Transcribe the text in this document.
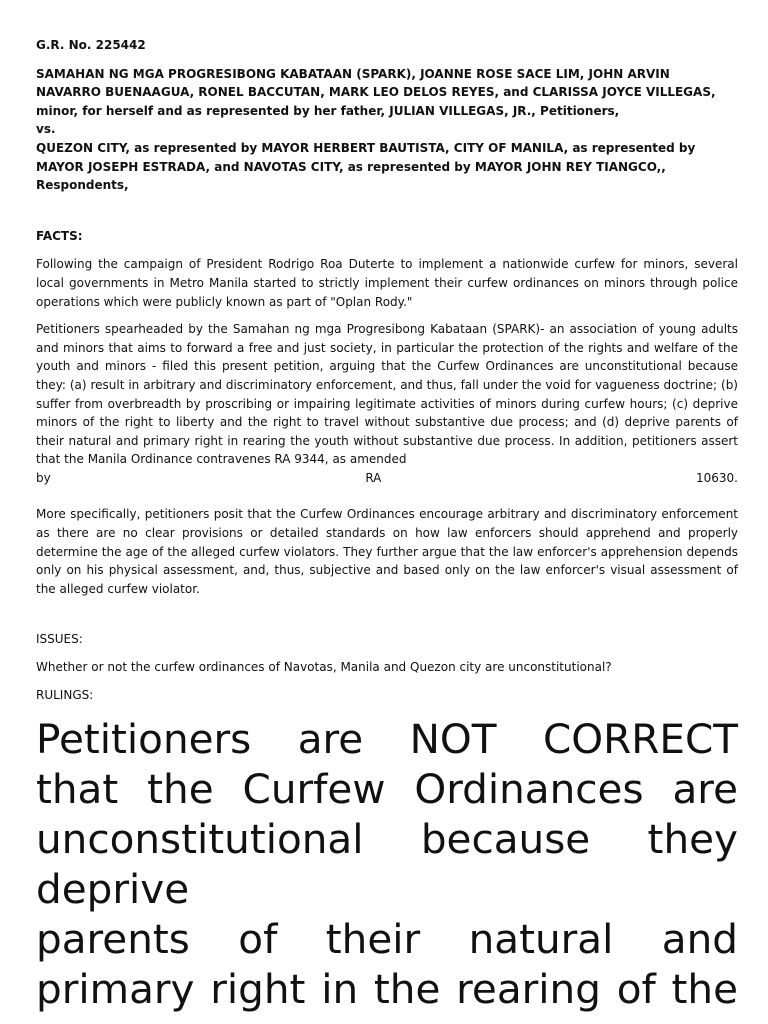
G.R. No. 225442

SAMAHAN NG MGA PROGRESIBONG KABATAAN (SPARK), JOANNE ROSE SACE LIM, JOHN ARVIN NAVARRO BUENAAGUA, RONEL BACCUTAN, MARK LEO DELOS REYES, and CLARISSA JOYCE VILLEGAS, minor, for herself and as represented by her father, JULIAN VILLEGAS, JR., Petitioners,

vs.

QUEZON CITY, as represented by MAYOR HERBERT BAUTISTA, CITY OF MANILA, as represented by MAYOR JOSEPH ESTRADA, and NAVOTAS CITY, as represented by MAYOR JOHN REY TIANGCO,, Respondents,

FACTS:

Following the campaign of President Rodrigo Roa Duterte to implement a nationwide curfew for minors, several local governments in Metro Manila started to strictly implement their curfew ordinances on minors through police operations which were publicly known as part of "Oplan Rody."

Petitioners spearheaded by the Samahan ng mga Progresibong Kabataan (SPARK)- an association of young adults and minors that aims to forward a free and just society, in particular the protection of the rights and welfare of the youth and minors - filed this present petition, arguing that the Curfew Ordinances are unconstitutional because they: (a) result in arbitrary and discriminatory enforcement, and thus, fall under the void for vagueness doctrine; (b) suffer from overbreadth by proscribing or impairing legitimate activities of minors during curfew hours; (c) deprive minors of the right to liberty and the right to travel without substantive due process; and (d) deprive parents of their natural and primary right in rearing the youth without substantive due process. In addition, petitioners assert that the Manila Ordinance contravenes RA 9344, as amended

by	RA	10630.

More specifically, petitioners posit that the Curfew Ordinances encourage arbitrary and discriminatory enforcement as there are no clear provisions or detailed standards on how law enforcers should apprehend and properly determine the age of the alleged curfew violators. They further argue that the law enforcer's apprehension depends only on his physical assessment, and, thus, subjective and based only on the law enforcer's visual assessment of the alleged curfew violator.

ISSUES:

Whether or not the curfew ordinances of Navotas, Manila and Quezon city are unconstitutional?

RULINGS:

Petitioners are NOT CORRECT
that the Curfew Ordinances are
unconstitutional because they
deprive
parents of their natural and
primary right in the rearing of the
